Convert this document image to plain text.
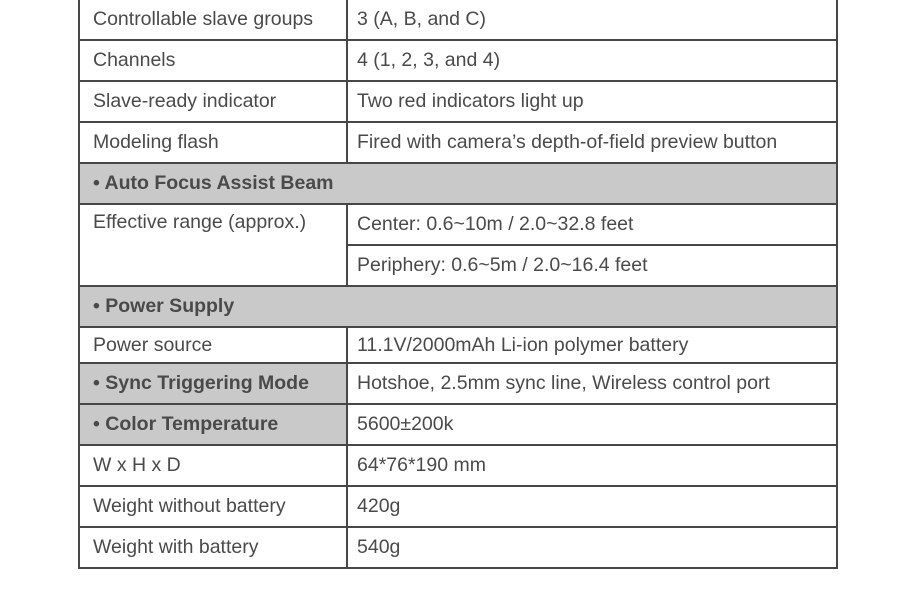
Controllable slave groups	3 (A, B, and C)
Channels	4 (1, 2, 3, and 4)
Slave-ready indicator	Two red indicators light up
Modeling flash	Fired with camera’s depth-of-field preview button
• Auto Focus Assist Beam	
Effective range (approx.)	Center: 0.6~10m / 2.0~32.8 feet
	Periphery: 0.6~5m / 2.0~16.4 feet
• Power Supply	
Power source	11.1V/2000mAh Li-ion polymer battery
• Sync Triggering Mode	Hotshoe, 2.5mm sync line, Wireless control port
• Color Temperature	5600±200k
W x H x D	64*76*190 mm
Weight without battery	420g
Weight with battery	540g
